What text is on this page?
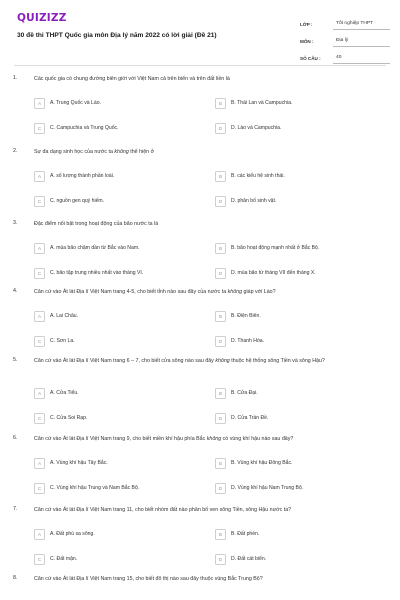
QUIZIZZ
30 đề thi THPT Quốc gia môn Địa lý năm 2022 có lời giải (Đề 21)
LỚP :	Tốt nghiệp THPT
MÔN :	Địa lý
SỐ CÂU :	40
1.	Các quốc gia có chung đường biên giới với Việt Nam cả trên biển và trên đất liền là
A	A. Trung Quốc và Lào.	B	B. Thái Lan và Campuchia.
C	C. Campuchia và Trung Quốc.	D	D. Lào và Campuchia.
2.	Sự đa dạng sinh học của nước ta không thể hiện ở
A	A. số lượng thành phần loài.	B	B. các kiểu hệ sinh thái.
C	C. nguồn gen quý hiếm.	D	D. phân bố sinh vật.
3.	Đặc điểm nổi bật trong hoạt động của bão nước ta là
A	A. mùa bão chậm dần từ Bắc vào Nam.	B	B. bão hoạt động mạnh nhất ở Bắc Bộ.
C	C. bão tập trung nhiều nhất vào tháng VI.	D	D. mùa bão từ tháng VII đến tháng X.
4.	Căn cứ vào Át lát Địa lí Việt Nam trang 4-5, cho biết tỉnh nào sau đây của nước ta không giáp với Lào?
A	A. Lai Châu.	B	B. Điện Biên.
C	C. Sơn La.	D	D. Thanh Hóa.
5.	Căn cứ vào Át lát Địa lí Việt Nam trang 6 – 7, cho biết cửa sông nào sau đây không thuộc hệ thống sông Tiền và sông Hậu?
A	A. Cửa Tiểu.	B	B. Cửa Đại.
C	C. Cửa Soi Rạp.	D	D. Cửa Trần Đề.
6.	Căn cứ vào Át lát Địa lí Việt Nam trang 9, cho biết miền khí hậu phía Bắc không có vùng khí hậu nào sau đây?
A	A. Vùng khí hậu Tây Bắc.	B	B. Vùng khí hậu Đông Bắc.
C	C. Vùng khí hậu Trung và Nam Bắc Bộ.	D	D. Vùng khí hậu Nam Trung Bộ.
7.	Căn cứ vào Át lát Địa lí Việt Nam trang 11, cho biết nhóm đất nào phân bố ven sông Tiền, sông Hậu nước ta?
A	A. Đất phù sa sông.	B	B. Đất phèn.
C	C. Đất mặn.	D	D. Đất cát biển.
8.	Căn cứ vào Át lát Địa lí Việt Nam trang 15, cho biết đô thị nào sau đây thuộc vùng Bắc Trung Bộ?
